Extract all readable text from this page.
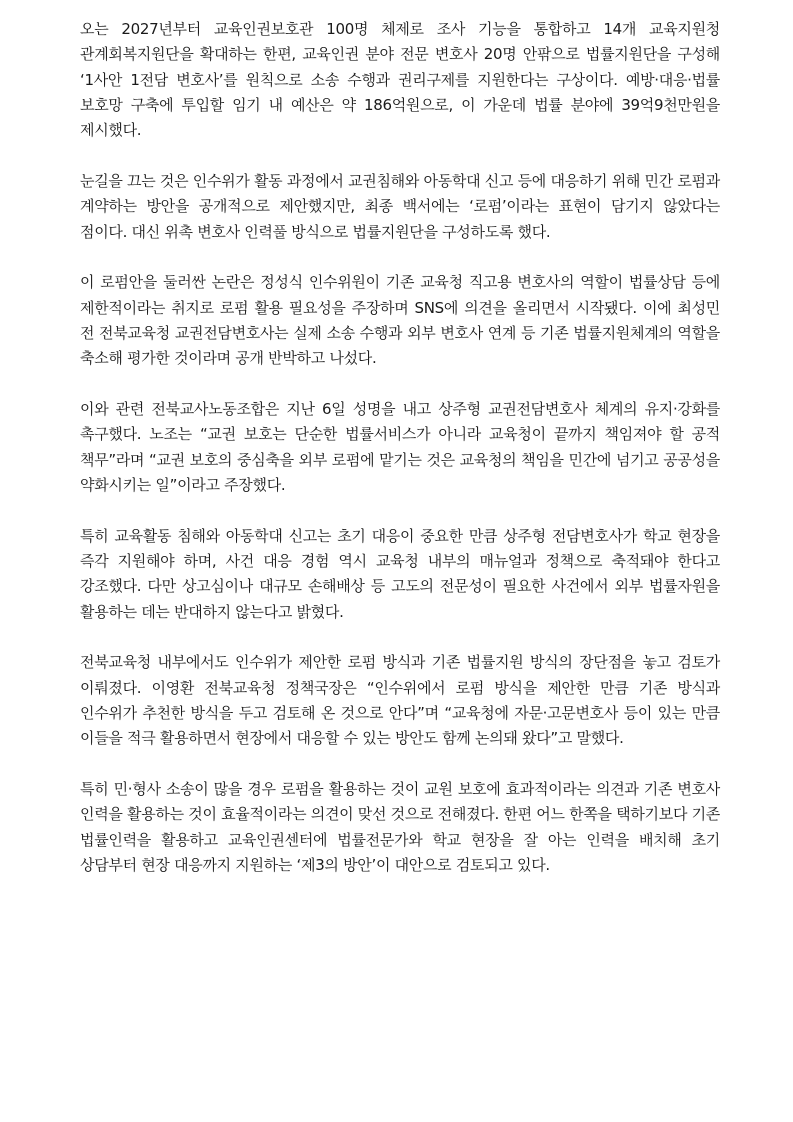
오는 2027년부터 교육인권보호관 100명 체제로 조사 기능을 통합하고 14개 교육지원청 관계회복지원단을 확대하는 한편, 교육인권 분야 전문 변호사 20명 안팎으로 법률지원단을 구성해 ‘1사안 1전담 변호사’를 원칙으로 소송 수행과 권리구제를 지원한다는 구상이다. 예방·대응·법률 보호망 구축에 투입할 임기 내 예산은 약 186억원으로, 이 가운데 법률 분야에 39억9천만원을 제시했다.

눈길을 끄는 것은 인수위가 활동 과정에서 교권침해와 아동학대 신고 등에 대응하기 위해 민간 로펌과 계약하는 방안을 공개적으로 제안했지만, 최종 백서에는 ‘로펌’이라는 표현이 담기지 않았다는 점이다. 대신 위촉 변호사 인력풀 방식으로 법률지원단을 구성하도록 했다.

이 로펌안을 둘러싼 논란은 정성식 인수위원이 기존 교육청 직고용 변호사의 역할이 법률상담 등에 제한적이라는 취지로 로펌 활용 필요성을 주장하며 SNS에 의견을 올리면서 시작됐다. 이에 최성민 전 전북교육청 교권전담변호사는 실제 소송 수행과 외부 변호사 연계 등 기존 법률지원체계의 역할을 축소해 평가한 것이라며 공개 반박하고 나섰다.

이와 관련 전북교사노동조합은 지난 6일 성명을 내고 상주형 교권전담변호사 체계의 유지·강화를 촉구했다. 노조는 “교권 보호는 단순한 법률서비스가 아니라 교육청이 끝까지 책임져야 할 공적 책무”라며 “교권 보호의 중심축을 외부 로펌에 맡기는 것은 교육청의 책임을 민간에 넘기고 공공성을 약화시키는 일”이라고 주장했다.

특히 교육활동 침해와 아동학대 신고는 초기 대응이 중요한 만큼 상주형 전담변호사가 학교 현장을 즉각 지원해야 하며, 사건 대응 경험 역시 교육청 내부의 매뉴얼과 정책으로 축적돼야 한다고 강조했다. 다만 상고심이나 대규모 손해배상 등 고도의 전문성이 필요한 사건에서 외부 법률자원을 활용하는 데는 반대하지 않는다고 밝혔다.

전북교육청 내부에서도 인수위가 제안한 로펌 방식과 기존 법률지원 방식의 장단점을 놓고 검토가 이뤄졌다. 이영환 전북교육청 정책국장은 “인수위에서 로펌 방식을 제안한 만큼 기존 방식과 인수위가 추천한 방식을 두고 검토해 온 것으로 안다”며 “교육청에 자문·고문변호사 등이 있는 만큼 이들을 적극 활용하면서 현장에서 대응할 수 있는 방안도 함께 논의돼 왔다”고 말했다.

특히 민·형사 소송이 많을 경우 로펌을 활용하는 것이 교원 보호에 효과적이라는 의견과 기존 변호사 인력을 활용하는 것이 효율적이라는 의견이 맞선 것으로 전해졌다. 한편 어느 한쪽을 택하기보다 기존 법률인력을 활용하고 교육인권센터에 법률전문가와 학교 현장을 잘 아는 인력을 배치해 초기 상담부터 현장 대응까지 지원하는 ‘제3의 방안’이 대안으로 검토되고 있다.
